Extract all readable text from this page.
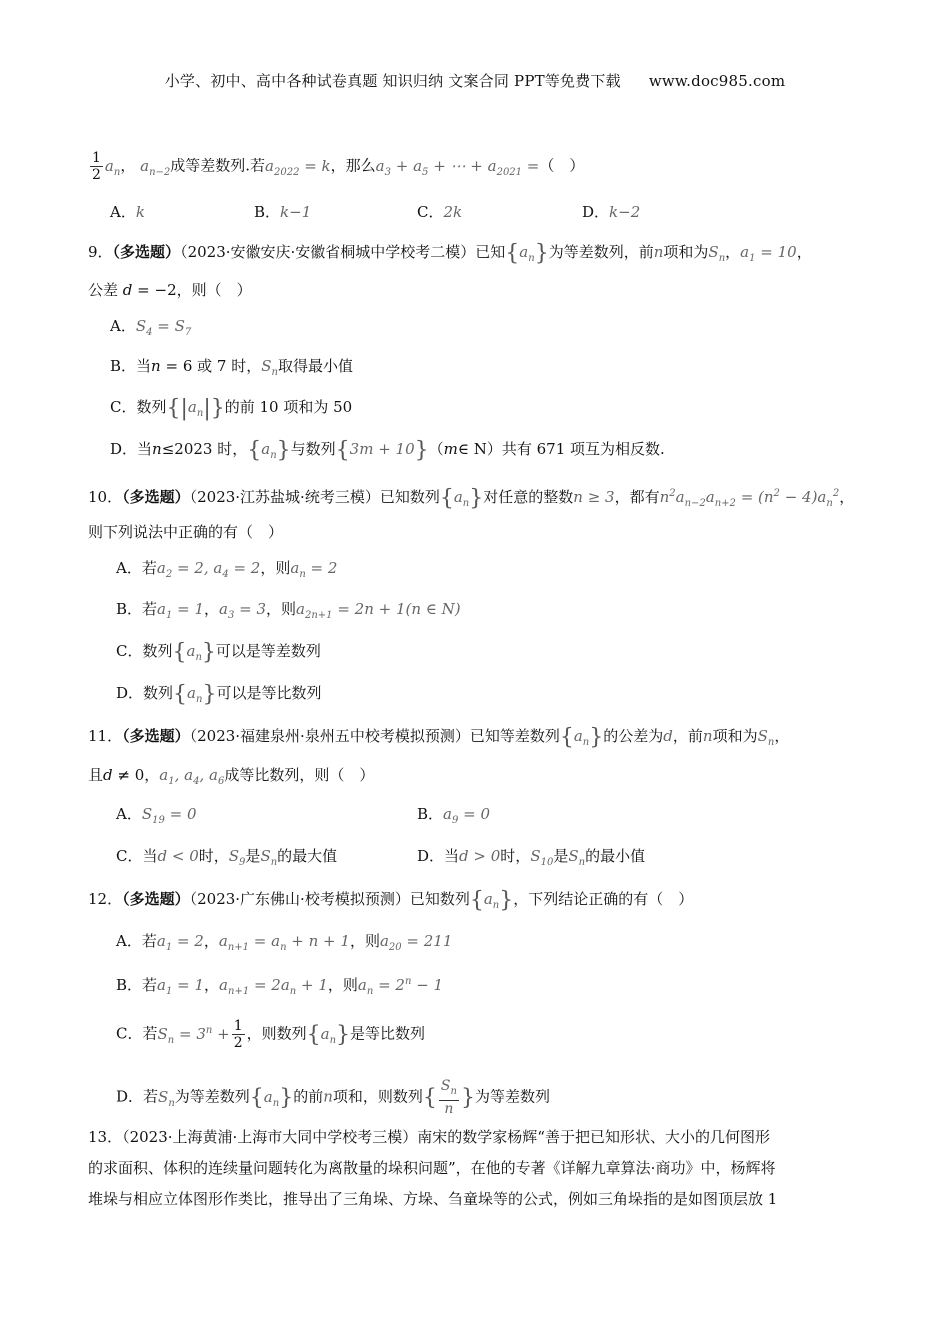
小学、初中、高中各种试卷真题 知识归纳 文案合同 PPT等免费下载 www.doc985.com
$\frac{1}{2} a_n$， $a_{n-2}$成等差数列.若$a_{2022} = k$，那么$a_3 + a_5$ + ⋯ + $a_{2021}$ =（　）
A．k	B．k−1	C．2k	D．k−2
9．（多选题）（2023·安徽安庆·安徽省桐城中学校考二模）已知$\{a_n\}$为等差数列，前n项和为$S_n$，$a_1 = 10$，
公差 d = −2，则（　）
A．$S_4 = S_7$
B．当n = 6 或 7 时，$S_n$取得最小值
C．数列$\{|a_n|\}$的前 10 项和为 50
D．当n≤2023 时，$\{a_n\}$与数列{3m + 10}（m∈ N）共有 671 项互为相反数.
10．（多选题）（2023·江苏盐城·统考三模）已知数列$\{a_n\}$对任意的整数n ≥ 3，都有$n^2a_{n-2}a_{n+2} = (n^2 - 4)a_n^2$，
则下列说法中正确的有（　）
A．若$a_2 = 2$, $a_4 = 2$，则$a_n = 2$
B．若$a_1 = 1$，$a_3 = 3$，则$a_{2n+1} = 2n + 1(n$ ∈ N)
C．数列$\{a_n\}$可以是等差数列
D．数列$\{a_n\}$可以是等比数列
11．（多选题）（2023·福建泉州·泉州五中校考模拟预测）已知等差数列$\{a_n\}$的公差为d，前n项和为$S_n$，
且d ≠ 0，$a_1$, $a_4$, $a_6$成等比数列，则（　）
A．$S_{19} = 0$	B．$a_9 = 0$
C．当d < 0时，$S_9$是$S_n$的最大值	D．当d > 0时，$S_{10}$是$S_n$的最小值
12．（多选题）（2023·广东佛山·校考模拟预测）已知数列$\{a_n\}$，下列结论正确的有（　）
A．若$a_1 = 2$，$a_{n+1} = a_n + n + 1$，则$a_{20} = 211$
B．若$a_1 = 1$，$a_{n+1} = 2a_n + 1$，则$a_n = 2^n - 1$
C．若$S_n = 3^n + \frac{1}{2}$ ，则数列$\{a_n\}$是等比数列
D．若$S_n$为等差数列$\{a_n\}$的前n项和，则数列{ $\frac{S_n}{n}$ }为等差数列
13．（2023·上海黄浦·上海市大同中学校考三模）南宋的数学家杨辉“善于把已知形状、大小的几何图形
的求面积、体积的连续量问题转化为离散量的垛积问题”，在他的专著《详解九章算法·商功》中，杨辉将
堆垛与相应立体图形作类比，推导出了三角垛、方垛、刍童垛等的公式，例如三角垛指的是如图顶层放 1
